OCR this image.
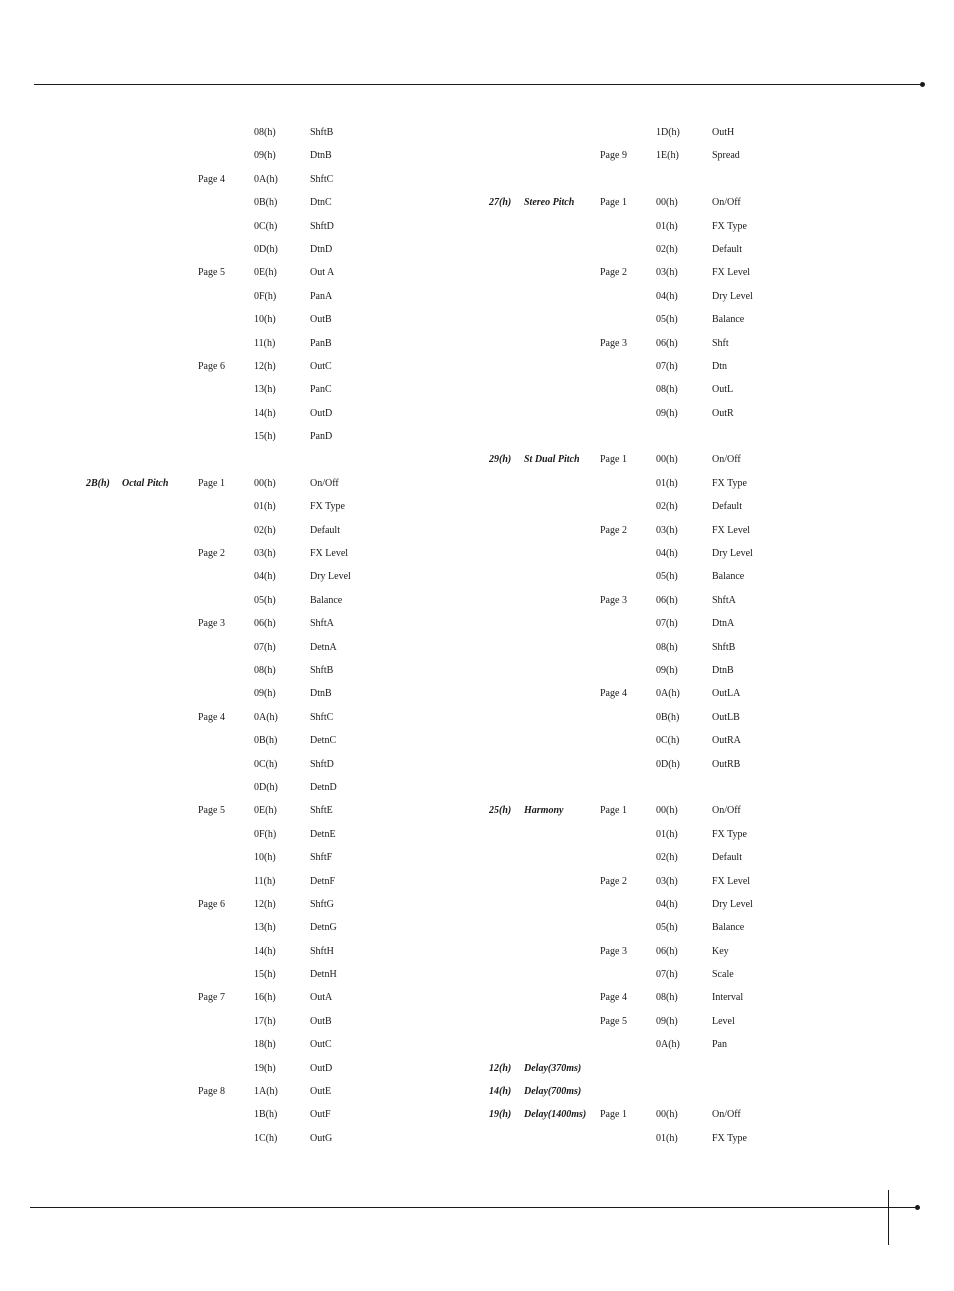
08(h)	ShftB
09(h)	DtnB
Page 4	0A(h)	ShftC
0B(h)	DtnC
0C(h)	ShftD
0D(h)	DtnD
Page 5	0E(h)	Out A
0F(h)	PanA
10(h)	OutB
11(h)	PanB
Page 6	12(h)	OutC
13(h)	PanC
14(h)	OutD
15(h)	PanD
2B(h) Octal Pitch	Page 1	00(h)	On/Off
01(h)	FX Type
02(h)	Default
Page 2	03(h)	FX Level
04(h)	Dry Level
05(h)	Balance
Page 3	06(h)	ShftA
07(h)	DetnA
08(h)	ShftB
09(h)	DtnB
Page 4	0A(h)	ShftC
0B(h)	DetnC
0C(h)	ShftD
0D(h)	DetnD
Page 5	0E(h)	ShftE
0F(h)	DetnE
10(h)	ShftF
11(h)	DetnF
Page 6	12(h)	ShftG
13(h)	DetnG
14(h)	ShftH
15(h)	DetnH
Page 7	16(h)	OutA
17(h)	OutB
18(h)	OutC
19(h)	OutD
Page 8	1A(h)	OutE
1B(h)	OutF
1C(h)	OutG
1D(h)	OutH
Page 9	1E(h)	Spread
27(h) Stereo Pitch	Page 1	00(h)	On/Off
01(h)	FX Type
02(h)	Default
Page 2	03(h)	FX Level
04(h)	Dry Level
05(h)	Balance
Page 3	06(h)	Shft
07(h)	Dtn
08(h)	OutL
09(h)	OutR
29(h) St Dual Pitch Page 1	00(h)	On/Off
01(h)	FX Type
02(h)	Default
Page 2	03(h)	FX Level
04(h)	Dry Level
05(h)	Balance
Page 3	06(h)	ShftA
07(h)	DtnA
08(h)	ShftB
09(h)	DtnB
Page 4	0A(h)	OutLA
0B(h)	OutLB
0C(h)	OutRA
0D(h)	OutRB
25(h) Harmony	Page 1	00(h)	On/Off
01(h)	FX Type
02(h)	Default
Page 2	03(h)	FX Level
04(h)	Dry Level
05(h)	Balance
Page 3	06(h)	Key
07(h)	Scale
Page 4	08(h)	Interval
Page 5	09(h)	Level
0A(h)	Pan
12(h) Delay(370ms)
14(h) Delay(700ms)
19(h) Delay(1400ms) Page 1	00(h)	On/Off
01(h)	FX Type
